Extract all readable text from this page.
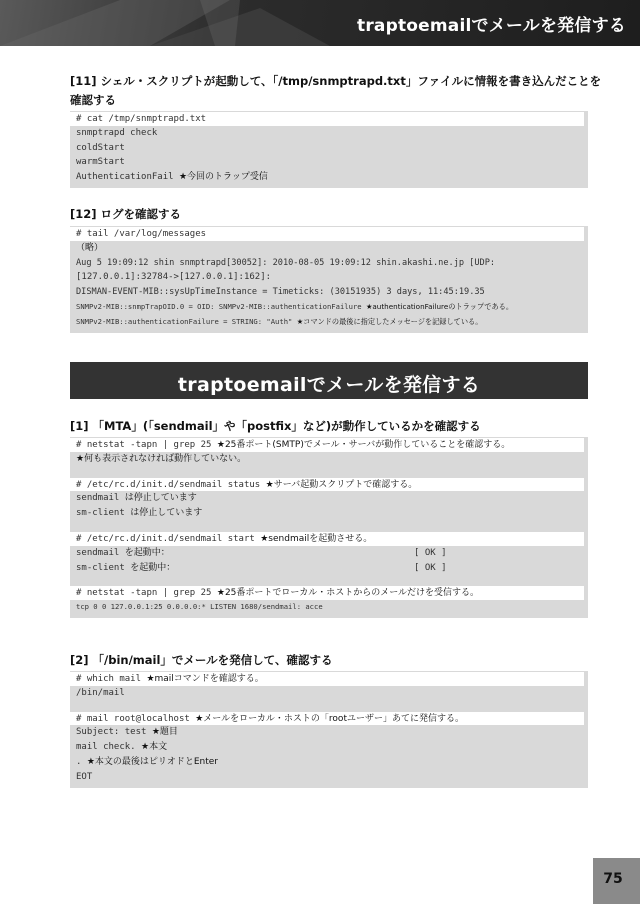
traptoemailでメールを発信する
[11] シェル・スクリプトが起動して、「/tmp/snmptrapd.txt」ファイルに情報を書き込んだことを
確認する
# cat /tmp/snmptrapd.txt
snmptrapd check
coldStart
warmStart
AuthenticationFail ★今回のトラップ受信
[12] ログを確認する
# tail /var/log/messages
（略）
Aug 5 19:09:12 shin snmptrapd[30052]: 2010-08-05 19:09:12 shin.akashi.ne.jp [UDP:
[127.0.0.1]:32784->[127.0.0.1]:162]:
DISMAN-EVENT-MIB::sysUpTimeInstance = Timeticks: (30151935) 3 days, 11:45:19.35
SNMPv2-MIB::snmpTrapOID.0 = OID: SNMPv2-MIB::authenticationFailure ★authenticationFailureのトラップである。
SNMPv2-MIB::authenticationFailure = STRING: "Auth" ★コマンドの最後に指定したメッセージを記録している。
traptoemailでメールを発信する
[1] 「MTA」(「sendmail」や「postfix」など)が動作しているかを確認する
# netstat -tapn | grep 25 ★25番ポート(SMTP)でメール・サーバが動作していることを確認する。
★何も表示されなければ動作していない。
# /etc/rc.d/init.d/sendmail status ★サーバ起動スクリプトで確認する。
sendmail は停止しています
sm-client は停止しています
# /etc/rc.d/init.d/sendmail start ★sendmailを起動させる。
sendmail を起動中：	[ OK ]
sm-client を起動中：	[ OK ]
# netstat -tapn | grep 25 ★25番ポートでローカル・ホストからのメールだけを受信する。
tcp 0 0 127.0.0.1:25 0.0.0.0:* LISTEN 1680/sendmail: acce
[2] 「/bin/mail」でメールを発信して、確認する
# which mail ★mailコマンドを確認する。
/bin/mail
# mail root@localhost ★メールをローカル・ホストの「rootユーザー」あてに発信する。
Subject: test ★題目
mail check. ★本文
. ★本文の最後はピリオドとEnter
EOT
75
